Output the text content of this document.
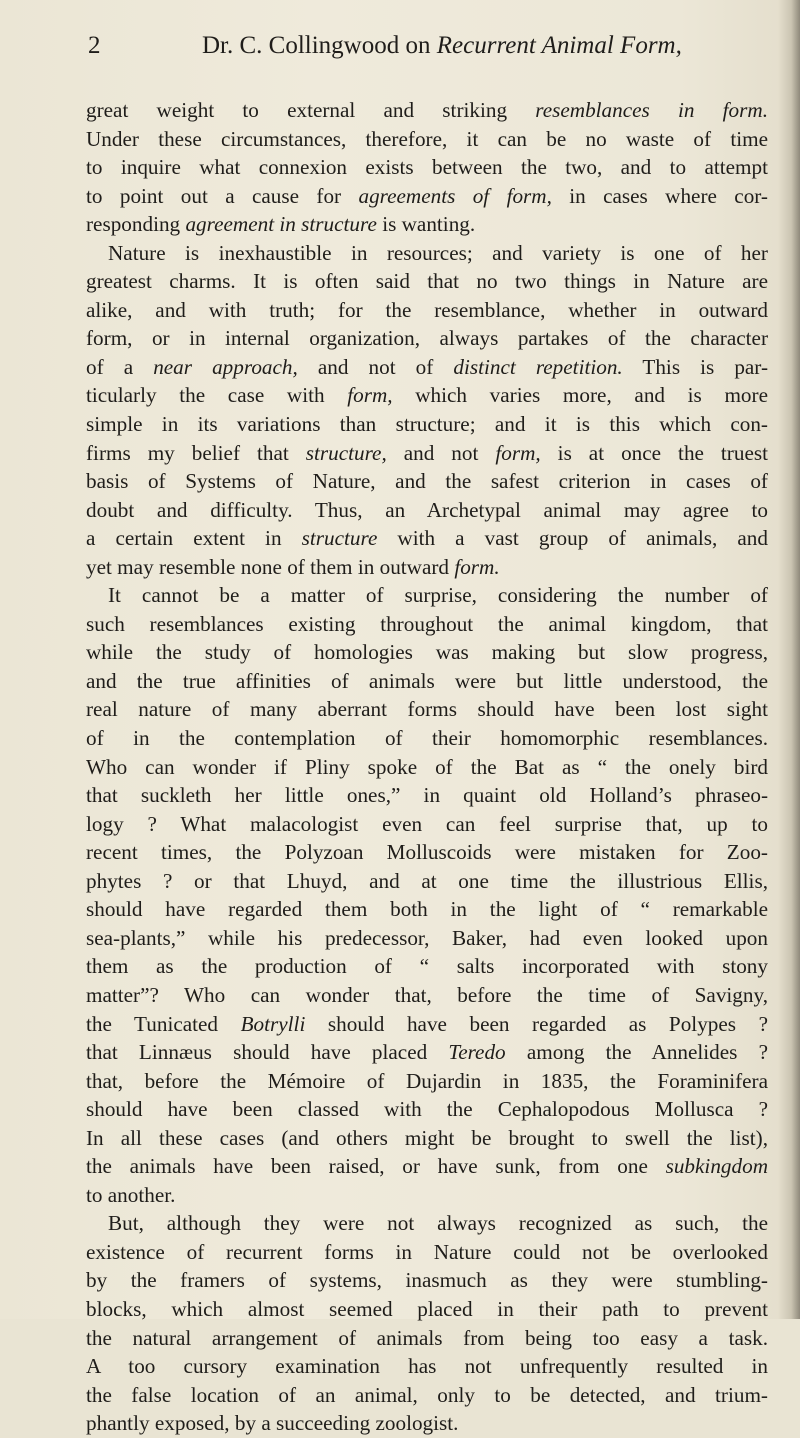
2	Dr. C. Collingwood on Recurrent Animal Form,
great weight to external and striking resemblances in form.
Under these circumstances, therefore, it can be no waste of time
to inquire what connexion exists between the two, and to attempt
to point out a cause for agreements of form, in cases where cor-
responding agreement in structure is wanting.
Nature is inexhaustible in resources; and variety is one of her
greatest charms. It is often said that no two things in Nature are
alike, and with truth; for the resemblance, whether in outward
form, or in internal organization, always partakes of the character
of a near approach, and not of distinct repetition. This is par-
ticularly the case with form, which varies more, and is more
simple in its variations than structure; and it is this which con-
firms my belief that structure, and not form, is at once the truest
basis of Systems of Nature, and the safest criterion in cases of
doubt and difficulty. Thus, an Archetypal animal may agree to
a certain extent in structure with a vast group of animals, and
yet may resemble none of them in outward form.
It cannot be a matter of surprise, considering the number of
such resemblances existing throughout the animal kingdom, that
while the study of homologies was making but slow progress,
and the true affinities of animals were but little understood, the
real nature of many aberrant forms should have been lost sight
of in the contemplation of their homomorphic resemblances.
Who can wonder if Pliny spoke of the Bat as “ the onely bird
that suckleth her little ones,” in quaint old Holland’s phraseo-
logy ? What malacologist even can feel surprise that, up to
recent times, the Polyzoan Molluscoids were mistaken for Zoo-
phytes ? or that Lhuyd, and at one time the illustrious Ellis,
should have regarded them both in the light of “ remarkable
sea-plants,” while his predecessor, Baker, had even looked upon
them as the production of “ salts incorporated with stony
matter”? Who can wonder that, before the time of Savigny,
the Tunicated Botrylli should have been regarded as Polypes ?
that Linnæus should have placed Teredo among the Annelides ?
that, before the Mémoire of Dujardin in 1835, the Foraminifera
should have been classed with the Cephalopodous Mollusca ?
In all these cases (and others might be brought to swell the list),
the animals have been raised, or have sunk, from one subkingdom
to another.
But, although they were not always recognized as such, the
existence of recurrent forms in Nature could not be overlooked
by the framers of systems, inasmuch as they were stumbling-
blocks, which almost seemed placed in their path to prevent
the natural arrangement of animals from being too easy a task.
A too cursory examination has not unfrequently resulted in
the false location of an animal, only to be detected, and trium-
phantly exposed, by a succeeding zoologist.
